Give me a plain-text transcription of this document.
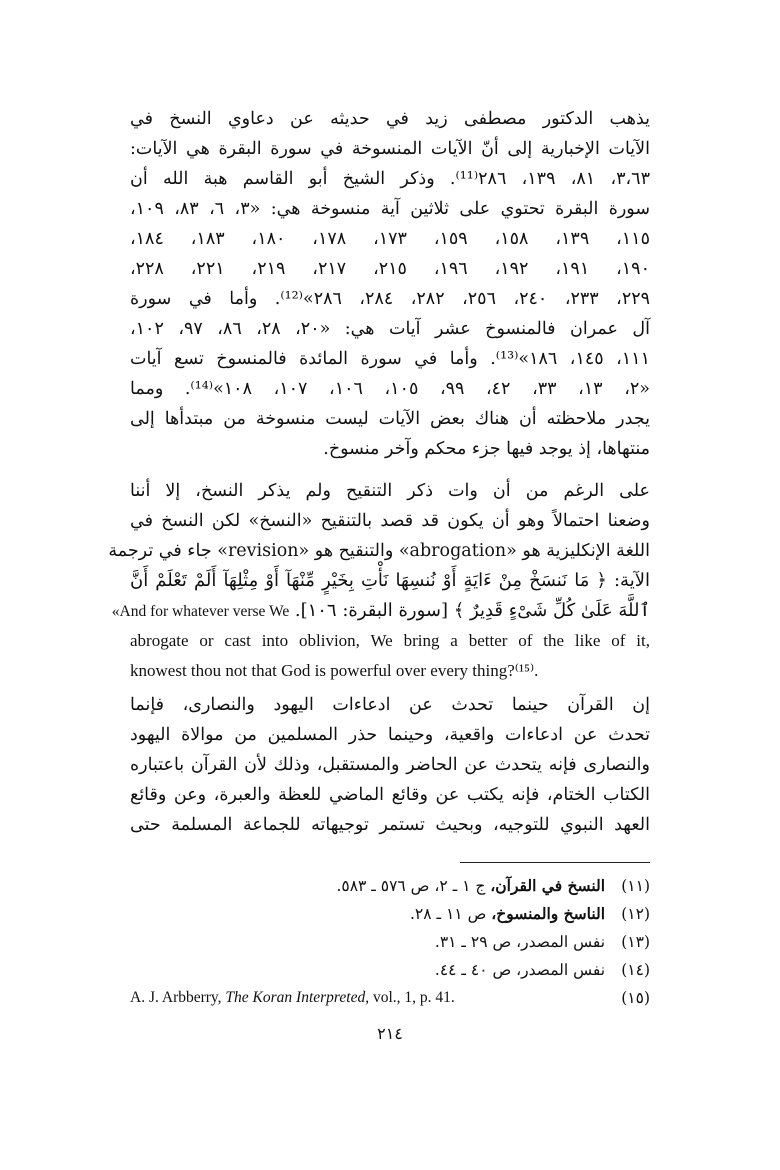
يذهب الدكتور مصطفى زيد في حديثه عن دعاوي النسخ في
الآيات الإخبارية إلى أنّ الآيات المنسوخة في سورة البقرة هي الآيات:
٣،٦٣، ٨١، ١٣٩، ٢٨٦⁽¹¹⁾. وذكر الشيخ أبو القاسم هبة الله أن
سورة البقرة تحتوي على ثلاثين آية منسوخة هي: «٣، ٦، ٨٣، ١٠٩،
١١٥، ١٣٩، ١٥٨، ١٥٩، ١٧٣، ١٧٨، ١٨٠، ١٨٣، ١٨٤،
١٩٠، ١٩١، ١٩٢، ١٩٦، ٢١٥، ٢١٧، ٢١٩، ٢٢١، ٢٢٨،
٢٢٩، ٢٣٣، ٢٤٠، ٢٥٦، ٢٨٢، ٢٨٤، ٢٨٦»⁽¹²⁾. وأما في سورة
آل عمران فالمنسوخ عشر آيات هي: «٢٠، ٢٨، ٨٦، ٩٧، ١٠٢،
١١١، ١٤٥، ١٨٦»⁽¹³⁾. وأما في سورة المائدة فالمنسوخ تسع آيات
«٢، ١٣، ٣٣، ٤٢، ٩٩، ١٠٥، ١٠٦، ١٠٧، ١٠٨»⁽¹⁴⁾. ومما
يجدر ملاحظته أن هناك بعض الآيات ليست منسوخة من مبتدأها إلى
منتهاها، إذ يوجد فيها جزء محكم وآخر منسوخ.
على الرغم من أن وات ذكر التنقيح ولم يذكر النسخ، إلا أننا
وضعنا احتمالاً وهو أن يكون قد قصد بالتنقيح «النسخ» لكن النسخ في
اللغة الإنكليزية هو «abrogation» والتنقيح هو «revision» جاء في ترجمة
الآية: ﴿ مَا نَنسَخْ مِنْ ءَايَةٍ أَوْ نُنسِهَا نَأْتِ بِخَيْرٍ مِّنْهَآ أَوْ مِثْلِهَآ أَلَمْ تَعْلَمْ أَنَّ
ٱللَّهَ عَلَىٰ كُلِّ شَىْءٍ قَدِيرٌ ﴾ [سورة البقرة: ١٠٦]. «And for whatever verse We
abrogate or cast into oblivion, We bring a better of the like of it,
knowest thou not that God is powerful over every thing?⁽¹⁵⁾.
إن القرآن حينما تحدث عن ادعاءات اليهود والنصارى، فإنما
تحدث عن ادعاءات واقعية، وحينما حذر المسلمين من موالاة اليهود
والنصارى فإنه يتحدث عن الحاضر والمستقبل، وذلك لأن القرآن باعتباره
الكتاب الختام، فإنه يكتب عن وقائع الماضي للعظة والعبرة، وعن وقائع
العهد النبوي للتوجيه، وبحيث تستمر توجيهاته للجماعة المسلمة حتى
(١١) النسخ في القرآن، ج ١ ـ ٢، ص ٥٧٦ ـ ٥٨٣.
(١٢) الناسخ والمنسوخ، ص ١١ ـ ٢٨.
(١٣) نفس المصدر، ص ٢٩ ـ ٣١.
(١٤) نفس المصدر، ص ٤٠ ـ ٤٤.
A. J. Arbberry, The Koran Interpreted, vol., 1, p. 41.	(١٥)
٢١٤
